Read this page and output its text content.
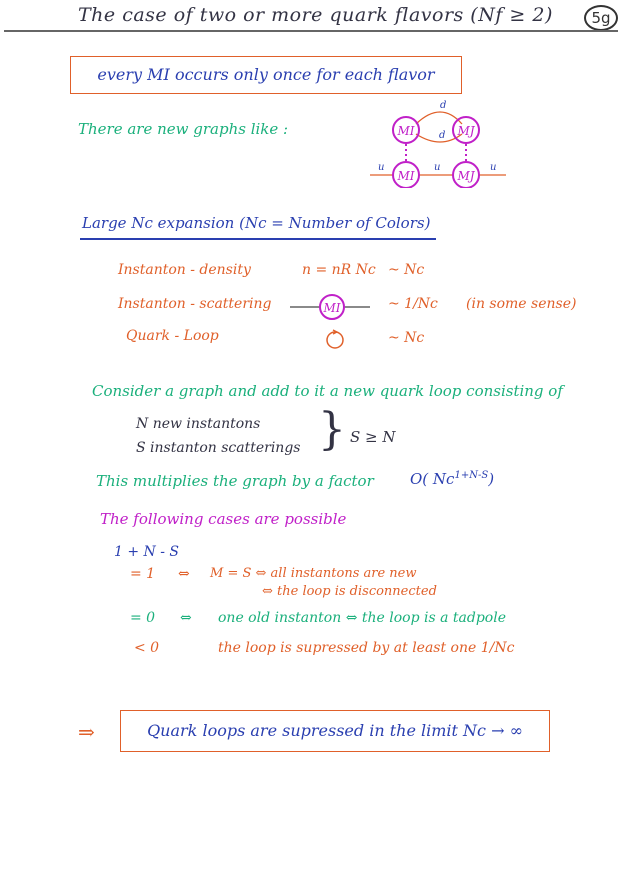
The case of two or more quark flavors (Nf ≥ 2)	5g
every MI occurs only once for each flavor
There are new graphs like :	MI	MJ
MI	MJ
d
d
u	u	u
Large Nc expansion (Nc = Number of Colors)
Instanton - density	n = nR Nc ~ Nc
Instanton - scattering	MI	~ 1/Nc (in some sense)
Quark - Loop	~ Nc
Consider a graph and add to it a new quark loop consisting of
N new instantons
S instanton scatterings } S ≥ N
This multiplies the graph by a factor O( $Nc^{1+N-S}$)
The following cases are possible
1 + N - S
= 1 ⇔ M = S ⇔ all instantons are new
⇔ the loop is disconnected
= 0 ⇔ one old instanton ⇔ the loop is a tadpole
< 0	the loop is supressed by at least one 1/Nc
⇒	Quark loops are supressed in the limit Nc → ∞
